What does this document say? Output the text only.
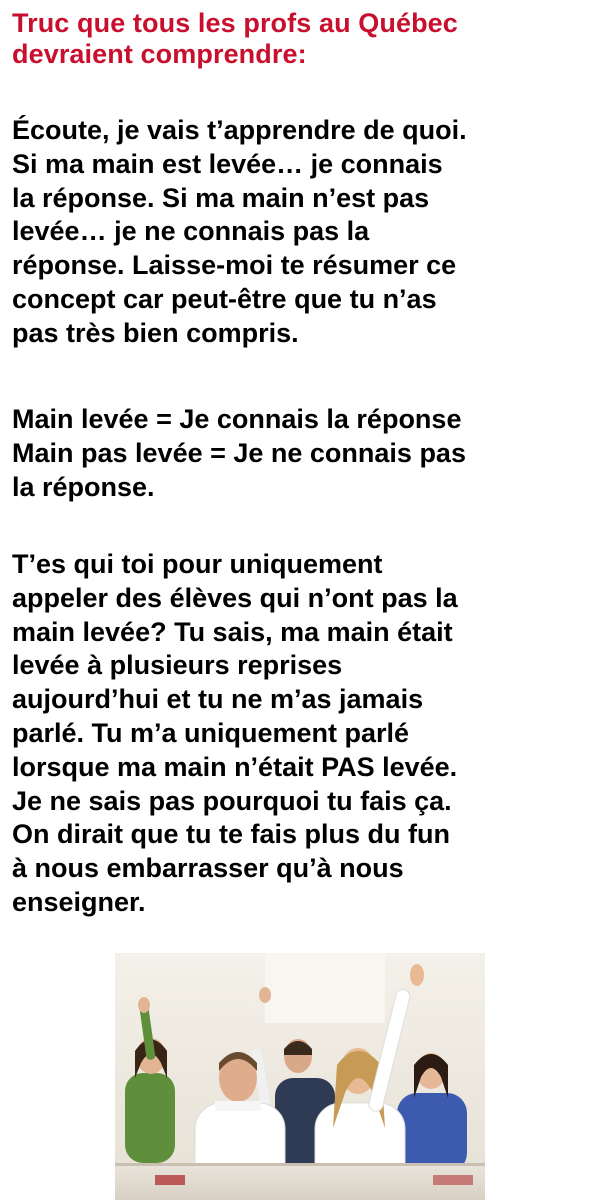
Truc que tous les profs au Québec
devraient comprendre:
Écoute, je vais t’apprendre de quoi.
Si ma main est levée… je connais
la réponse. Si ma main n’est pas
levée… je ne connais pas la
réponse. Laisse-moi te résumer ce
concept car peut-être que tu n’as
pas très bien compris.
Main levée = Je connais la réponse
Main pas levée = Je ne connais pas
la réponse.
T’es qui toi pour uniquement
appeler des élèves qui n’ont pas la
main levée? Tu sais, ma main était
levée à plusieurs reprises
aujourd’hui et tu ne m’as jamais
parlé. Tu m’a uniquement parlé
lorsque ma main n’était PAS levée.
Je ne sais pas pourquoi tu fais ça.
On dirait que tu te fais plus du fun
à nous embarrasser qu’à nous
enseigner.
